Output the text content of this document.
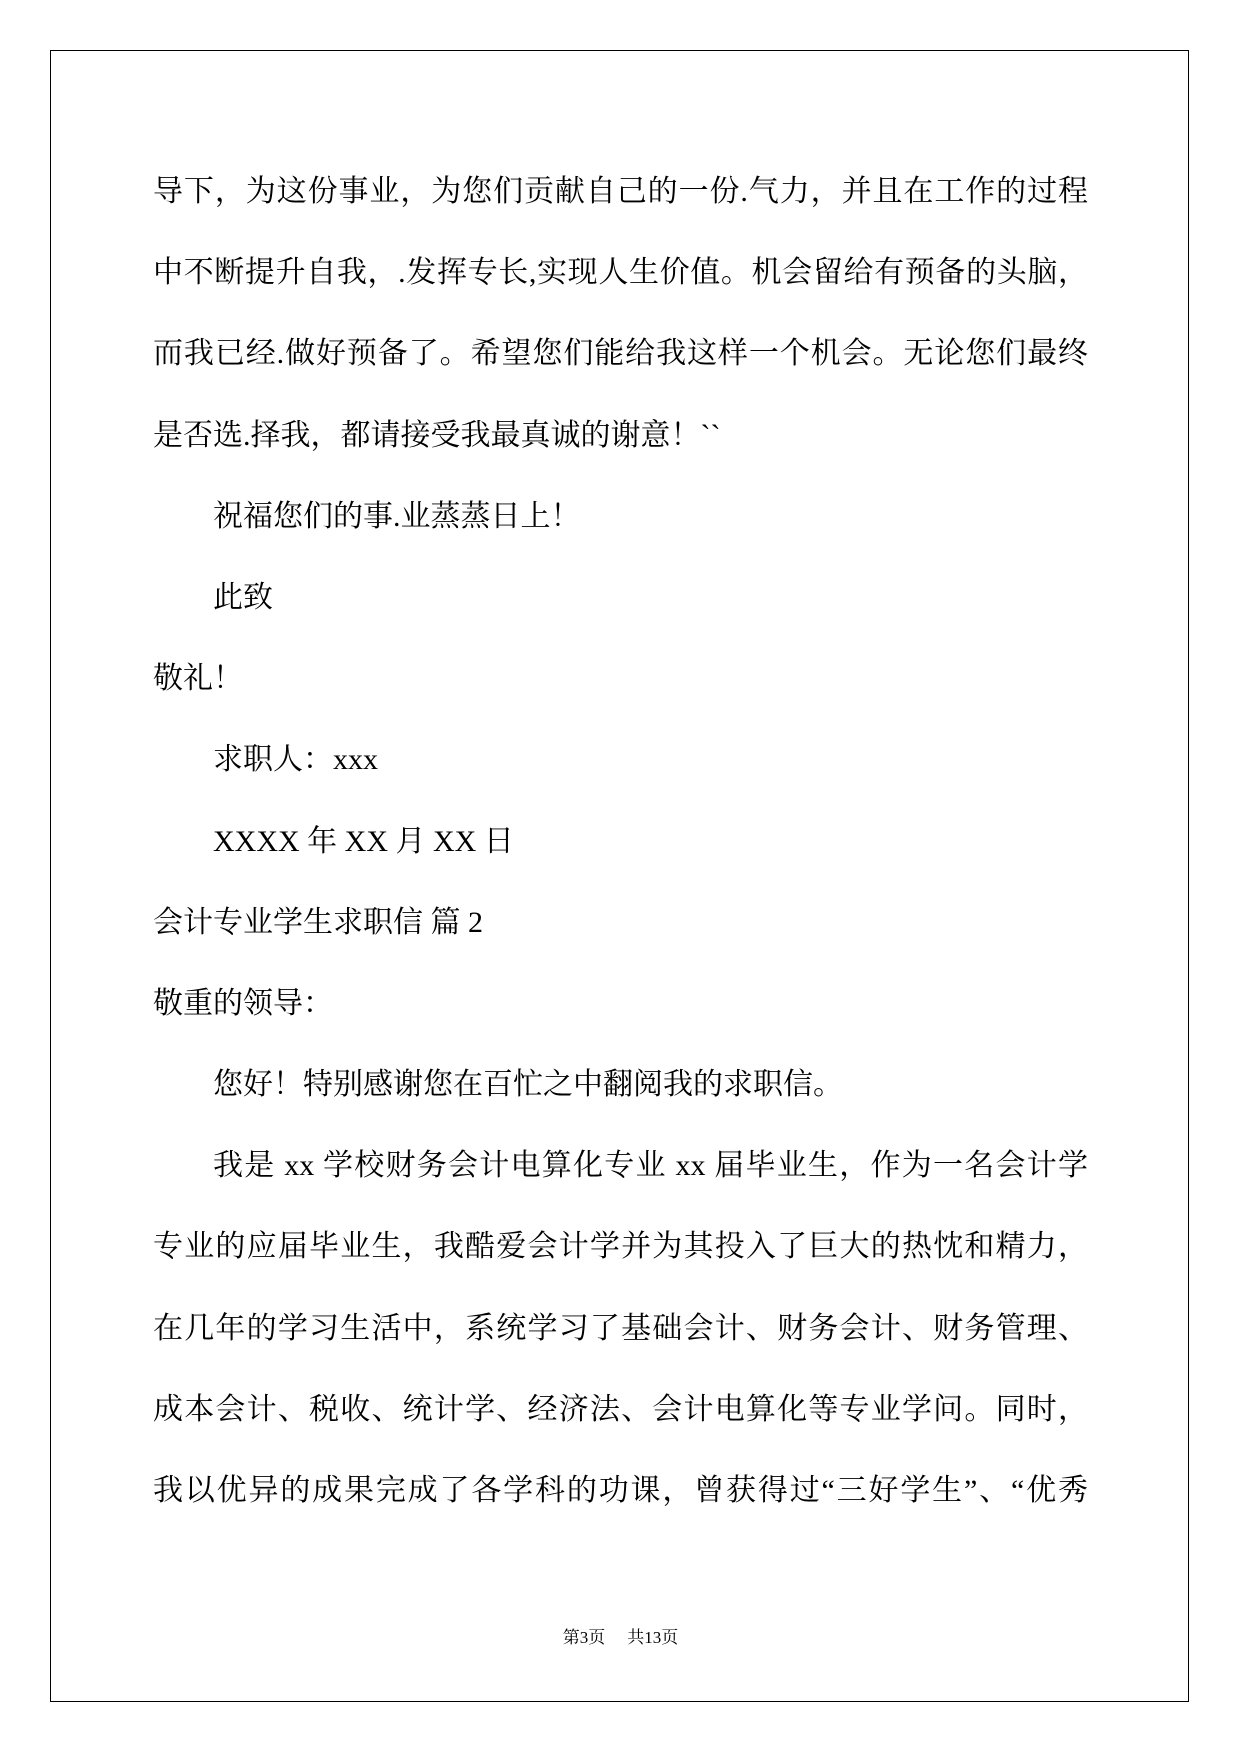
导下，为这份事业，为您们贡献自己的一份.气力，并且在工作的过程
中不断提升自我，.发挥专长,实现人生价值。机会留给有预备的头脑，
而我已经.做好预备了。希望您们能给我这样一个机会。无论您们最终
是否选.择我，都请接受我最真诚的谢意！``
祝福您们的事.业蒸蒸日上！
此致
敬礼！
求职人：xxx
XXXX 年 XX 月 XX 日
会计专业学生求职信 篇 2
敬重的领导：
您好！特别感谢您在百忙之中翻阅我的求职信。
我是 xx 学校财务会计电算化专业 xx 届毕业生，作为一名会计学
专业的应届毕业生，我酷爱会计学并为其投入了巨大的热忱和精力，
在几年的学习生活中，系统学习了基础会计、财务会计、财务管理、
成本会计、税收、统计学、经济法、会计电算化等专业学问。同时，
我以优异的成果完成了各学科的功课，曾获得过“三好学生”、“优秀
第3页 共13页
